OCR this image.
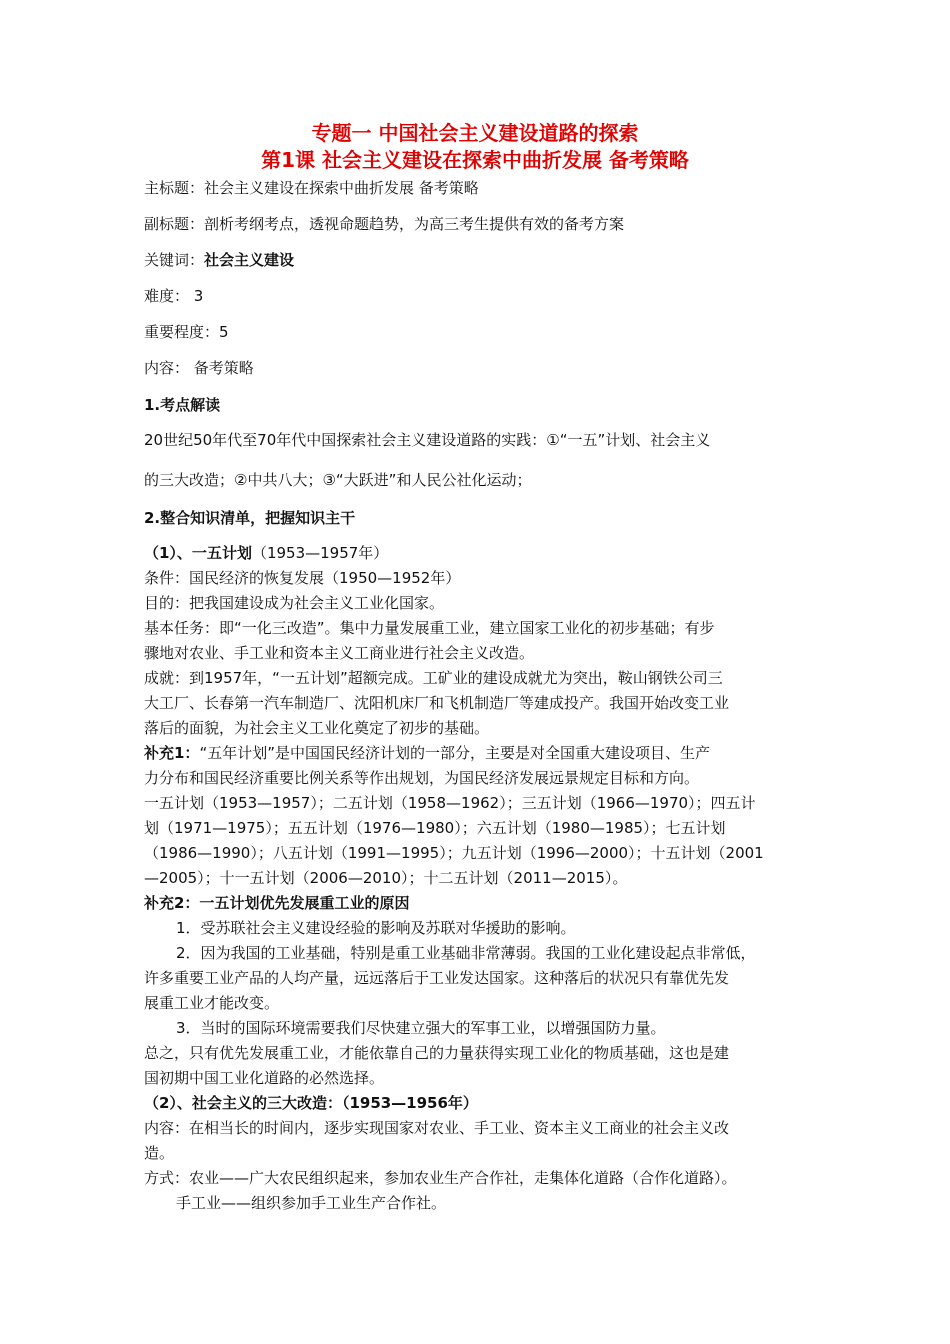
专题一 中国社会主义建设道路的探索
第1课 社会主义建设在探索中曲折发展 备考策略
主标题：社会主义建设在探索中曲折发展 备考策略
副标题：剖析考纲考点，透视命题趋势，为高三考生提供有效的备考方案
关键词：社会主义建设
难度： 3
重要程度：5
内容： 备考策略
1.考点解读
20世纪50年代至70年代中国探索社会主义建设道路的实践：①“一五”计划、社会主义
的三大改造；②中共八大；③“大跃进”和人民公社化运动；
2.整合知识清单，把握知识主干
（1）、一五计划（1953—1957年）
条件：国民经济的恢复发展（1950—1952年）
目的：把我国建设成为社会主义工业化国家。
基本任务：即“一化三改造”。集中力量发展重工业，建立国家工业化的初步基础；有步
骤地对农业、手工业和资本主义工商业进行社会主义改造。
成就：到1957年，“一五计划”超额完成。工矿业的建设成就尤为突出，鞍山钢铁公司三
大工厂、长春第一汽车制造厂、沈阳机床厂和飞机制造厂等建成投产。我国开始改变工业
落后的面貌，为社会主义工业化奠定了初步的基础。
补充1：“五年计划”是中国国民经济计划的一部分，主要是对全国重大建设项目、生产
力分布和国民经济重要比例关系等作出规划，为国民经济发展远景规定目标和方向。
一五计划（1953—1957）；二五计划（1958—1962）；三五计划（1966—1970）；四五计
划（1971—1975）；五五计划（1976—1980）；六五计划（1980—1985）；七五计划
（1986—1990）；八五计划（1991—1995）；九五计划（1996—2000）；十五计划（2001
—2005）；十一五计划（2006—2010）；十二五计划（2011—2015）。
补充2：一五计划优先发展重工业的原因
1．受苏联社会主义建设经验的影响及苏联对华援助的影响。
2．因为我国的工业基础，特别是重工业基础非常薄弱。我国的工业化建设起点非常低，
许多重要工业产品的人均产量，远远落后于工业发达国家。这种落后的状况只有靠优先发
展重工业才能改变。
3．当时的国际环境需要我们尽快建立强大的军事工业，以增强国防力量。
总之，只有优先发展重工业，才能依靠自己的力量获得实现工业化的物质基础，这也是建
国初期中国工业化道路的必然选择。
（2）、社会主义的三大改造：（1953—1956年）
内容：在相当长的时间内，逐步实现国家对农业、手工业、资本主义工商业的社会主义改
造。
方式：农业——广大农民组织起来，参加农业生产合作社，走集体化道路（合作化道路）。
手工业——组织参加手工业生产合作社。
